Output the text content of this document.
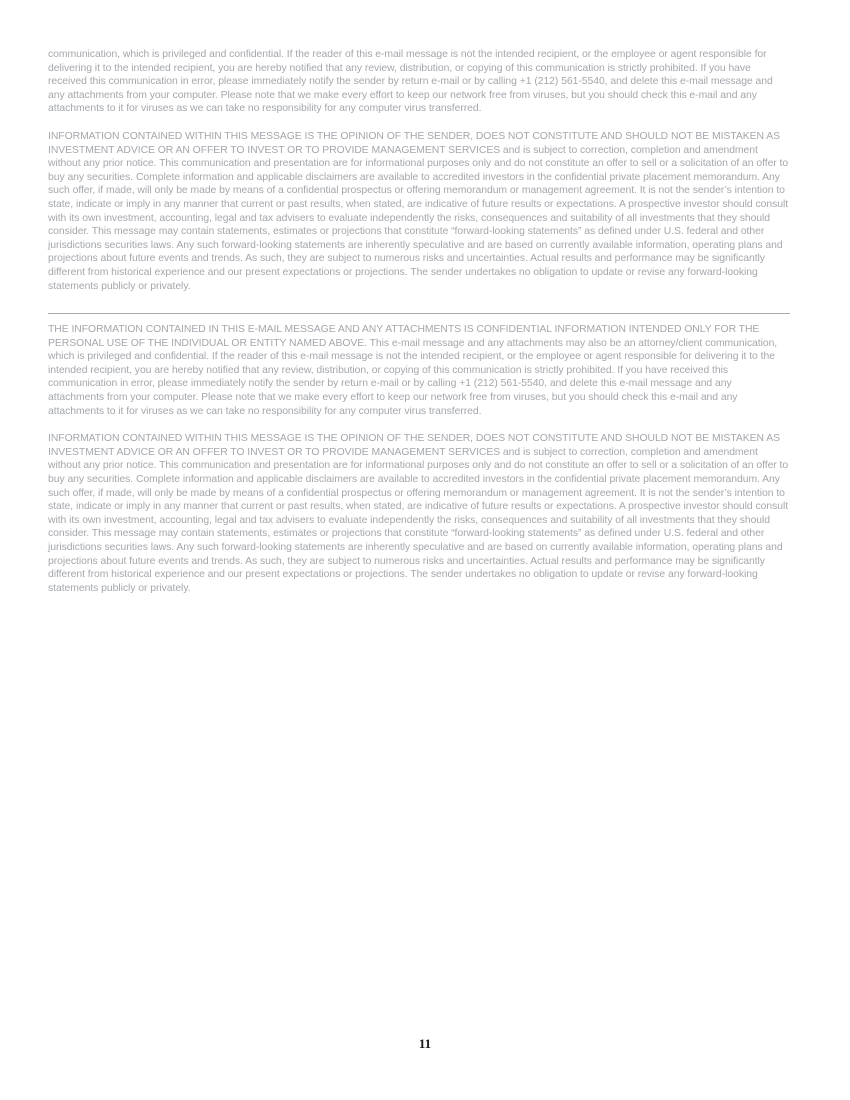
communication, which is privileged and confidential. If the reader of this e-mail message is not the intended recipient, or the employee or agent responsible for delivering it to the intended recipient, you are hereby notified that any review, distribution, or copying of this communication is strictly prohibited. If you have received this communication in error, please immediately notify the sender by return e-mail or by calling +1 (212) 561-5540, and delete this e-mail message and any attachments from your computer. Please note that we make every effort to keep our network free from viruses, but you should check this e-mail and any attachments to it for viruses as we can take no responsibility for any computer virus transferred.

INFORMATION CONTAINED WITHIN THIS MESSAGE IS THE OPINION OF THE SENDER, DOES NOT CONSTITUTE AND SHOULD NOT BE MISTAKEN AS INVESTMENT ADVICE OR AN OFFER TO INVEST OR TO PROVIDE MANAGEMENT SERVICES and is subject to correction, completion and amendment without any prior notice. This communication and presentation are for informational purposes only and do not constitute an offer to sell or a solicitation of an offer to buy any securities. Complete information and applicable disclaimers are available to accredited investors in the confidential private placement memorandum. Any such offer, if made, will only be made by means of a confidential prospectus or offering memorandum or management agreement. It is not the sender’s intention to state, indicate or imply in any manner that current or past results, when stated, are indicative of future results or expectations. A prospective investor should consult with its own investment, accounting, legal and tax advisers to evaluate independently the risks, consequences and suitability of all investments that they should consider. This message may contain statements, estimates or projections that constitute “forward-looking statements” as defined under U.S. federal and other jurisdictions securities laws. Any such forward-looking statements are inherently speculative and are based on currently available information, operating plans and projections about future events and trends. As such, they are subject to numerous risks and uncertainties. Actual results and performance may be significantly different from historical experience and our present expectations or projections. The sender undertakes no obligation to update or revise any forward-looking statements publicly or privately.

THE INFORMATION CONTAINED IN THIS E-MAIL MESSAGE AND ANY ATTACHMENTS IS CONFIDENTIAL INFORMATION INTENDED ONLY FOR THE PERSONAL USE OF THE INDIVIDUAL OR ENTITY NAMED ABOVE. This e-mail message and any attachments may also be an attorney/client communication, which is privileged and confidential. If the reader of this e-mail message is not the intended recipient, or the employee or agent responsible for delivering it to the intended recipient, you are hereby notified that any review, distribution, or copying of this communication is strictly prohibited. If you have received this communication in error, please immediately notify the sender by return e-mail or by calling +1 (212) 561-5540, and delete this e-mail message and any attachments from your computer. Please note that we make every effort to keep our network free from viruses, but you should check this e-mail and any attachments to it for viruses as we can take no responsibility for any computer virus transferred.

INFORMATION CONTAINED WITHIN THIS MESSAGE IS THE OPINION OF THE SENDER, DOES NOT CONSTITUTE AND SHOULD NOT BE MISTAKEN AS INVESTMENT ADVICE OR AN OFFER TO INVEST OR TO PROVIDE MANAGEMENT SERVICES and is subject to correction, completion and amendment without any prior notice. This communication and presentation are for informational purposes only and do not constitute an offer to sell or a solicitation of an offer to buy any securities. Complete information and applicable disclaimers are available to accredited investors in the confidential private placement memorandum. Any such offer, if made, will only be made by means of a confidential prospectus or offering memorandum or management agreement. It is not the sender’s intention to state, indicate or imply in any manner that current or past results, when stated, are indicative of future results or expectations. A prospective investor should consult with its own investment, accounting, legal and tax advisers to evaluate independently the risks, consequences and suitability of all investments that they should consider. This message may contain statements, estimates or projections that constitute “forward-looking statements” as defined under U.S. federal and other jurisdictions securities laws. Any such forward-looking statements are inherently speculative and are based on currently available information, operating plans and projections about future events and trends. As such, they are subject to numerous risks and uncertainties. Actual results and performance may be significantly different from historical experience and our present expectations or projections. The sender undertakes no obligation to update or revise any forward-looking statements publicly or privately.

11
